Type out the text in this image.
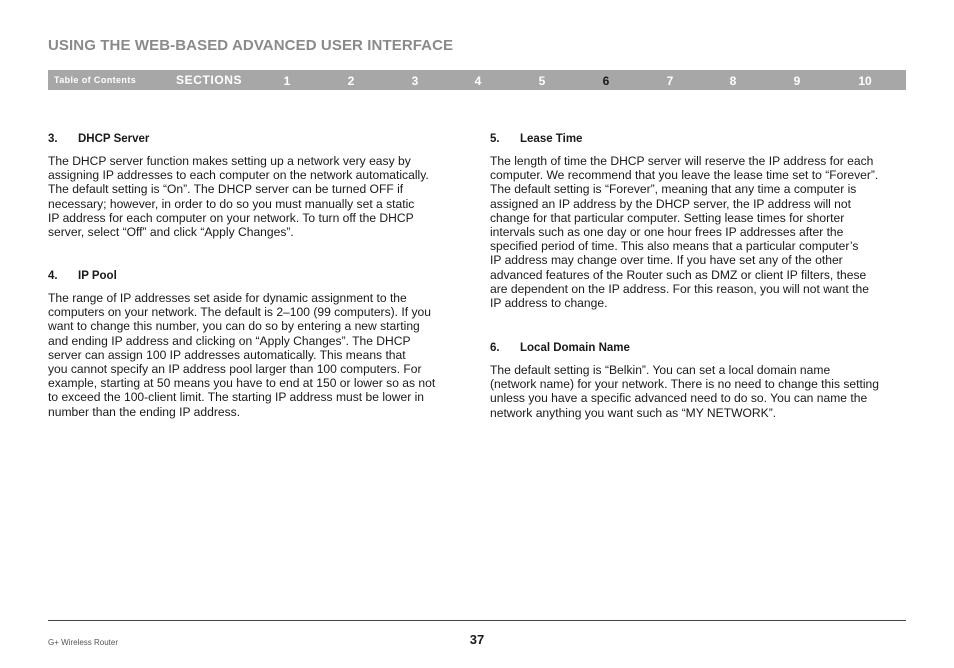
USING THE WEB-BASED ADVANCED USER INTERFACE
Table of Contents	SECTIONS	1	2	3	4	5	6	7	8	9	10
3.	DHCP Server
The DHCP server function makes setting up a network very easy by
assigning IP addresses to each computer on the network automatically.
The default setting is “On”. The DHCP server can be turned OFF if
necessary; however, in order to do so you must manually set a static
IP address for each computer on your network. To turn off the DHCP
server, select “Off” and click “Apply Changes”.
4.	IP Pool
The range of IP addresses set aside for dynamic assignment to the
computers on your network. The default is 2–100 (99 computers). If you
want to change this number, you can do so by entering a new starting
and ending IP address and clicking on “Apply Changes”. The DHCP
server can assign 100 IP addresses automatically. This means that
you cannot specify an IP address pool larger than 100 computers. For
example, starting at 50 means you have to end at 150 or lower so as not
to exceed the 100-client limit. The starting IP address must be lower in
number than the ending IP address.
5.	Lease Time
The length of time the DHCP server will reserve the IP address for each
computer. We recommend that you leave the lease time set to “Forever”.
The default setting is “Forever”, meaning that any time a computer is
assigned an IP address by the DHCP server, the IP address will not
change for that particular computer. Setting lease times for shorter
intervals such as one day or one hour frees IP addresses after the
specified period of time. This also means that a particular computer’s
IP address may change over time. If you have set any of the other
advanced features of the Router such as DMZ or client IP filters, these
are dependent on the IP address. For this reason, you will not want the
IP address to change.
6.	Local Domain Name
The default setting is “Belkin”. You can set a local domain name
(network name) for your network. There is no need to change this setting
unless you have a specific advanced need to do so. You can name the
network anything you want such as “MY NETWORK”.
G+ Wireless Router	37
